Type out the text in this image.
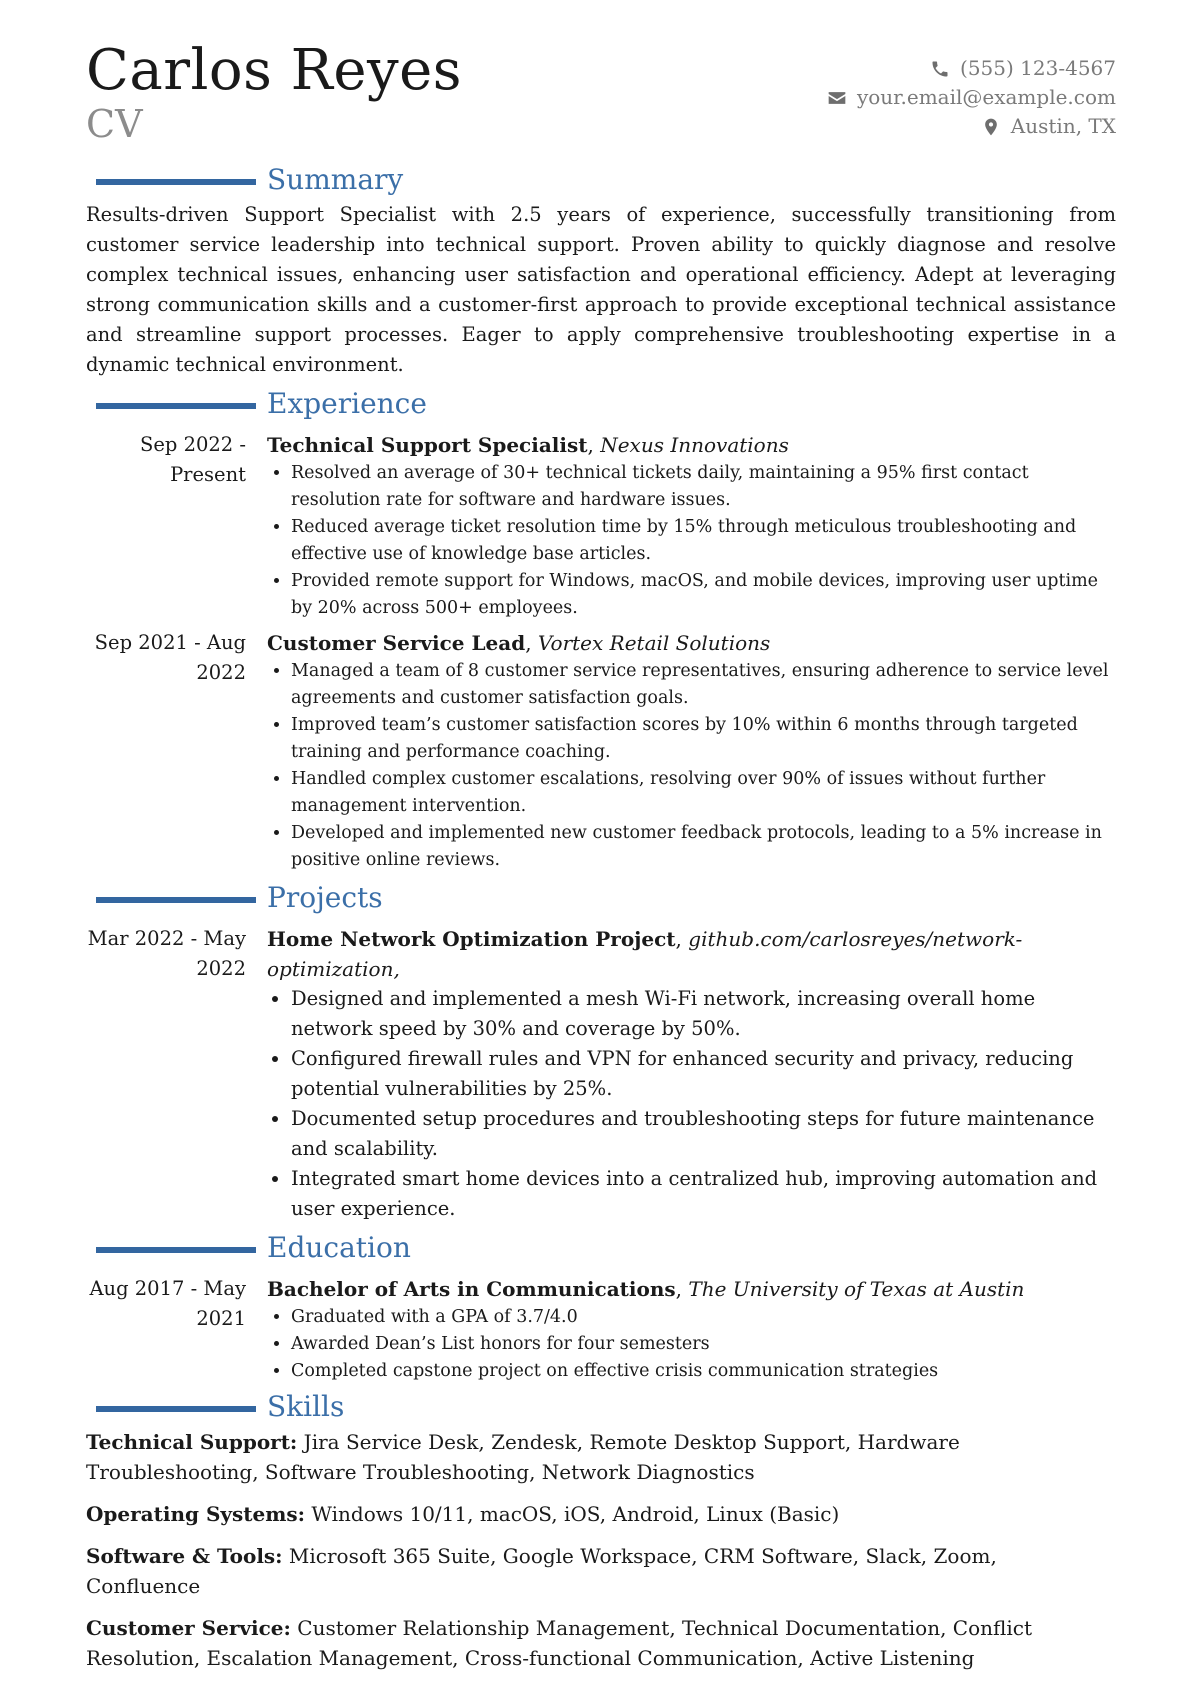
Carlos Reyes
CV
(555) 123-4567
your.email@example.com
Austin, TX
Summary

Results-driven Support Specialist with 2.5 years of experience, successfully transitioning from customer service leadership into technical support. Proven ability to quickly diagnose and resolve complex technical issues, enhancing user satisfaction and operational efficiency. Adept at leveraging strong communication skills and a customer-first approach to provide exceptional technical assistance and streamline support processes. Eager to apply comprehensive troubleshooting expertise in a dynamic technical environment.

Experience
Sep 2022 - Present
Technical Support Specialist, Nexus Innovations
• Resolved an average of 30+ technical tickets daily, maintaining a 95% first contact resolution rate for software and hardware issues.
• Reduced average ticket resolution time by 15% through meticulous troubleshooting and effective use of knowledge base articles.
• Provided remote support for Windows, macOS, and mobile devices, improving user uptime by 20% across 500+ employees.
Sep 2021 - Aug 2022
Customer Service Lead, Vortex Retail Solutions
• Managed a team of 8 customer service representatives, ensuring adherence to service level agreements and customer satisfaction goals.
• Improved team’s customer satisfaction scores by 10% within 6 months through targeted training and performance coaching.
• Handled complex customer escalations, resolving over 90% of issues without further management intervention.
• Developed and implemented new customer feedback protocols, leading to a 5% increase in positive online reviews.
Projects
Mar 2022 - May 2022
Home Network Optimization Project, github.com/carlosreyes/network-optimization,
• Designed and implemented a mesh Wi-Fi network, increasing overall home network speed by 30% and coverage by 50%.
• Configured firewall rules and VPN for enhanced security and privacy, reducing potential vulnerabilities by 25%.
• Documented setup procedures and troubleshooting steps for future maintenance and scalability.
• Integrated smart home devices into a centralized hub, improving automation and user experience.
Education
Aug 2017 - May 2021
Bachelor of Arts in Communications, The University of Texas at Austin
• Graduated with a GPA of 3.7/4.0
• Awarded Dean’s List honors for four semesters
• Completed capstone project on effective crisis communication strategies
Skills

Technical Support: Jira Service Desk, Zendesk, Remote Desktop Support, Hardware Troubleshooting, Software Troubleshooting, Network Diagnostics

Operating Systems: Windows 10/11, macOS, iOS, Android, Linux (Basic)

Software & Tools: Microsoft 365 Suite, Google Workspace, CRM Software, Slack, Zoom, Confluence

Customer Service: Customer Relationship Management, Technical Documentation, Conflict Resolution, Escalation Management, Cross-functional Communication, Active Listening
